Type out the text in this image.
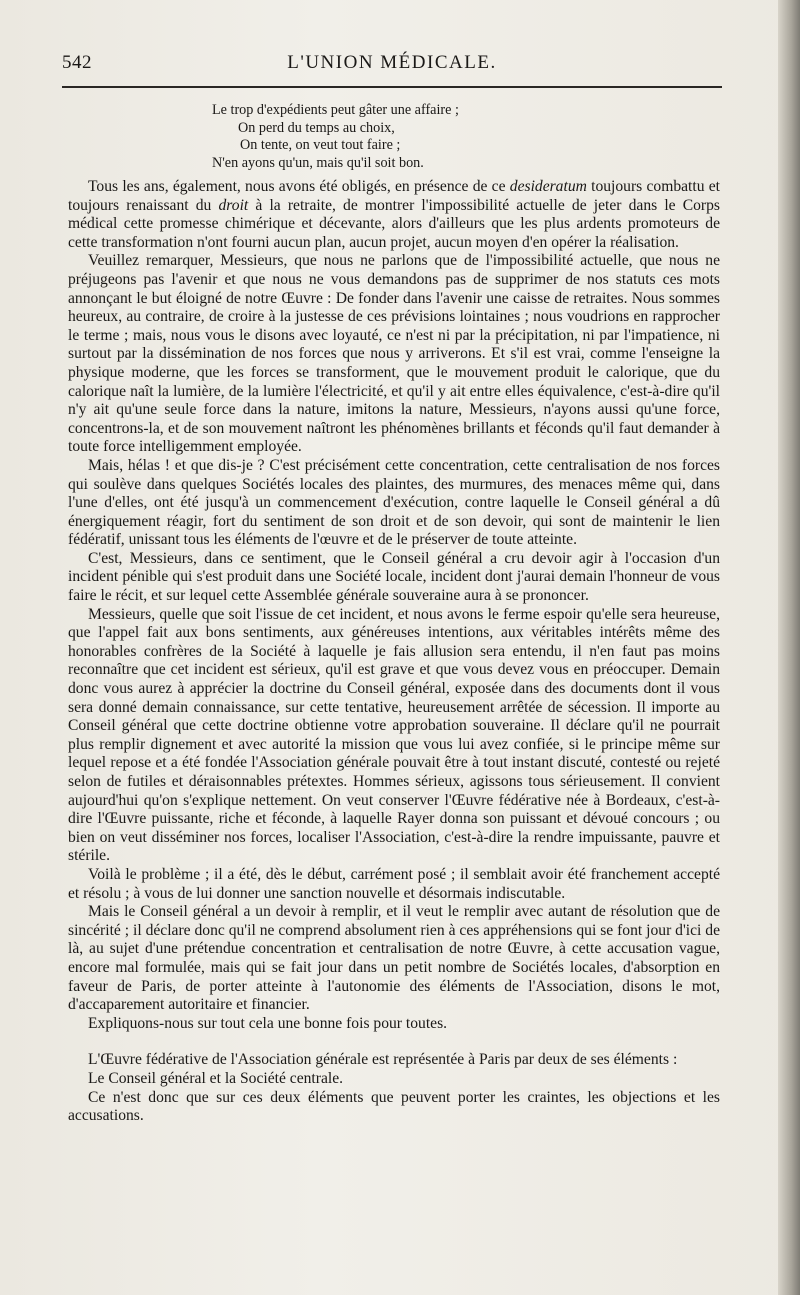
542	L'UNION MÉDICALE.
Le trop d'expédients peut gâter une affaire ;
On perd du temps au choix,
On tente, on veut tout faire ;
N'en ayons qu'un, mais qu'il soit bon.

Tous les ans, également, nous avons été obligés, en présence de ce desideratum toujours combattu et toujours renaissant du droit à la retraite, de montrer l'impossibilité actuelle de jeter dans le Corps médical cette promesse chimérique et décevante, alors d'ailleurs que les plus ardents promoteurs de cette transformation n'ont fourni aucun plan, aucun projet, aucun moyen d'en opérer la réalisation.

Veuillez remarquer, Messieurs, que nous ne parlons que de l'impossibilité actuelle, que nous ne préjugeons pas l'avenir et que nous ne vous demandons pas de supprimer de nos statuts ces mots annonçant le but éloigné de notre Œuvre : De fonder dans l'avenir une caisse de retraites. Nous sommes heureux, au contraire, de croire à la justesse de ces prévisions lointaines ; nous voudrions en rapprocher le terme ; mais, nous vous le disons avec loyauté, ce n'est ni par la précipitation, ni par l'impatience, ni surtout par la dissémination de nos forces que nous y arriverons. Et s'il est vrai, comme l'enseigne la physique moderne, que les forces se transforment, que le mouvement produit le calorique, que du calorique naît la lumière, de la lumière l'électricité, et qu'il y ait entre elles équivalence, c'est-à-dire qu'il n'y ait qu'une seule force dans la nature, imitons la nature, Messieurs, n'ayons aussi qu'une force, concentrons-la, et de son mouvement naîtront les phénomènes brillants et féconds qu'il faut demander à toute force intelligemment employée.

Mais, hélas ! et que dis-je ? C'est précisément cette concentration, cette centralisation de nos forces qui soulève dans quelques Sociétés locales des plaintes, des murmures, des menaces même qui, dans l'une d'elles, ont été jusqu'à un commencement d'exécution, contre laquelle le Conseil général a dû énergiquement réagir, fort du sentiment de son droit et de son devoir, qui sont de maintenir le lien fédératif, unissant tous les éléments de l'œuvre et de le préserver de toute atteinte.

C'est, Messieurs, dans ce sentiment, que le Conseil général a cru devoir agir à l'occasion d'un incident pénible qui s'est produit dans une Société locale, incident dont j'aurai demain l'honneur de vous faire le récit, et sur lequel cette Assemblée générale souveraine aura à se prononcer.

Messieurs, quelle que soit l'issue de cet incident, et nous avons le ferme espoir qu'elle sera heureuse, que l'appel fait aux bons sentiments, aux généreuses intentions, aux véritables intérêts même des honorables confrères de la Société à laquelle je fais allusion sera entendu, il n'en faut pas moins reconnaître que cet incident est sérieux, qu'il est grave et que vous devez vous en préoccuper. Demain donc vous aurez à apprécier la doctrine du Conseil général, exposée dans des documents dont il vous sera donné demain connaissance, sur cette tentative, heureusement arrêtée de sécession. Il importe au Conseil général que cette doctrine obtienne votre approbation souveraine. Il déclare qu'il ne pourrait plus remplir dignement et avec autorité la mission que vous lui avez confiée, si le principe même sur lequel repose et a été fondée l'Association générale pouvait être à tout instant discuté, contesté ou rejeté selon de futiles et déraisonnables prétextes. Hommes sérieux, agissons tous sérieusement. Il convient aujourd'hui qu'on s'explique nettement. On veut conserver l'Œuvre fédérative née à Bordeaux, c'est-à-dire l'Œuvre puissante, riche et féconde, à laquelle Rayer donna son puissant et dévoué concours ; ou bien on veut disséminer nos forces, localiser l'Association, c'est-à-dire la rendre impuissante, pauvre et stérile.

Voilà le problème ; il a été, dès le début, carrément posé ; il semblait avoir été franchement accepté et résolu ; à vous de lui donner une sanction nouvelle et désormais indiscutable.

Mais le Conseil général a un devoir à remplir, et il veut le remplir avec autant de résolution que de sincérité ; il déclare donc qu'il ne comprend absolument rien à ces appréhensions qui se font jour d'ici de là, au sujet d'une prétendue concentration et centralisation de notre Œuvre, à cette accusation vague, encore mal formulée, mais qui se fait jour dans un petit nombre de Sociétés locales, d'absorption en faveur de Paris, de porter atteinte à l'autonomie des éléments de l'Association, disons le mot, d'accaparement autoritaire et financier.

Expliquons-nous sur tout cela une bonne fois pour toutes.

L'Œuvre fédérative de l'Association générale est représentée à Paris par deux de ses éléments :

Le Conseil général et la Société centrale.

Ce n'est donc que sur ces deux éléments que peuvent porter les craintes, les objections et les accusations.
